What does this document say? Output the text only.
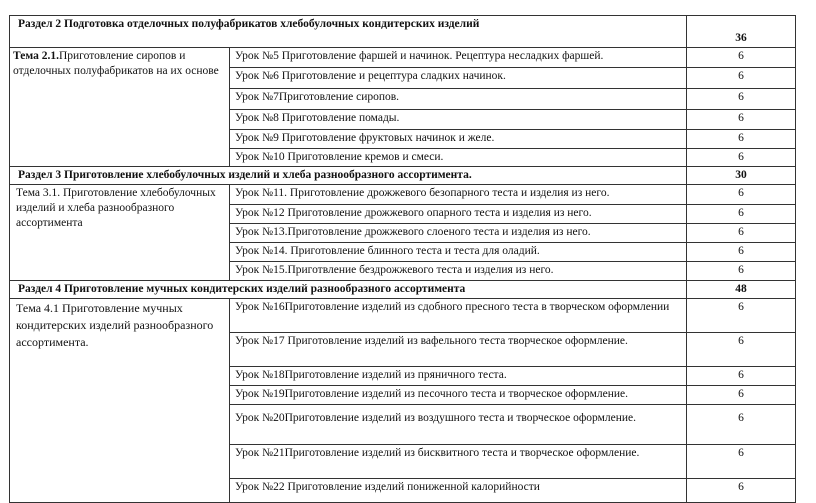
Раздел 2 Подготовка отделочных полуфабрикатов хлебобулочных кондитерских изделий		36
Тема 2.1.Приготовление сиропов и отделочных полуфабрикатов на их основе	Урок №5 Приготовление фаршей и начинок. Рецептура несладких фаршей.	6
	Урок №6 Приготовление и рецептура сладких начинок.	6
	Урок №7Приготовление сиропов.	6
	Урок №8 Приготовление помады.	6
	Урок №9 Приготовление фруктовых начинок и желе.	6
	Урок №10 Приготовление кремов и смеси.	6
Раздел 3 Приготовление хлебобулочных изделий и хлеба разнообразного ассортимента.		30
Тема 3.1. Приготовление хлебобулочных изделий и хлеба разнообразного ассортимента	Урок №11. Приготовление дрожжевого безопарного теста и изделия из него.	6
	Урок №12 Приготовление дрожжевого опарного теста и изделия из него.	6
	Урок №13.Приготовление дрожжевого слоеного теста и изделия из него.	6
	Урок №14. Приготовление блинного теста и теста для оладий.	6
	Урок №15.Приготвление бездрожжевого теста и изделия из него.	6
Раздел 4 Приготовление мучных кондитерских изделий разнообразного ассортимента		48
Тема 4.1 Приготовление мучных кондитерских изделий разнообразного ассортимента.	Урок №16Приготовление изделий из сдобного пресного теста в творческом оформлении	6
	Урок №17 Приготовление изделий из вафельного теста творческое оформление.	6
	Урок №18Приготовление изделий из пряничного теста.	6
	Урок №19Приготовление изделий из песочного теста и творческое оформление.	6
	Урок №20Приготовление изделий из воздушного теста и творческое оформление.	6
	Урок №21Приготовление изделий из бисквитного теста и творческое оформление.	6
	Урок №22 Приготовление изделий пониженной калорийности	6
